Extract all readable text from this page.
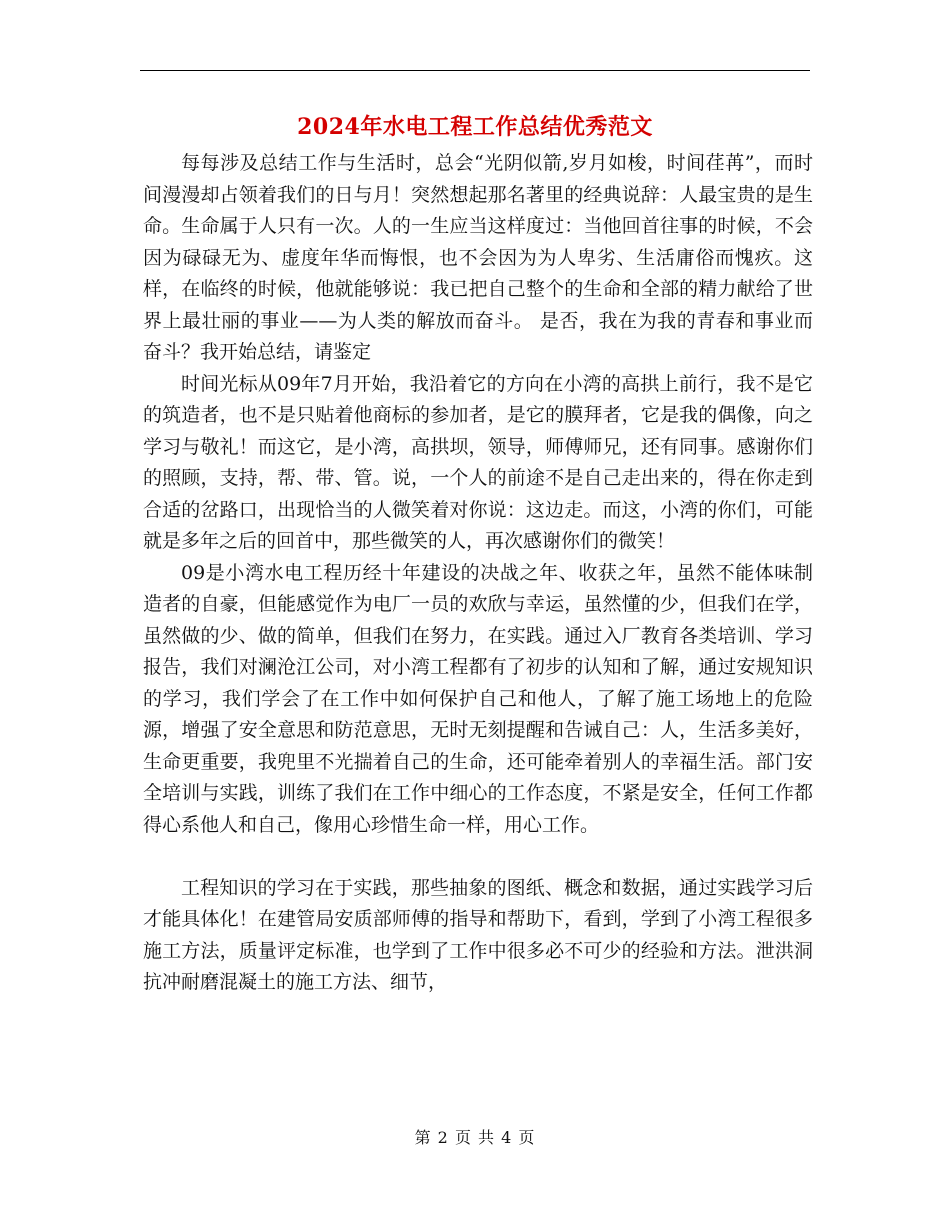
2024年水电工程工作总结优秀范文

每每涉及总结工作与生活时，总会“光阴似箭,岁月如梭，时间荏苒”，而时间漫漫却占领着我们的日与月！突然想起那名著里的经典说辞：人最宝贵的是生命。生命属于人只有一次。人的一生应当这样度过：当他回首往事的时候，不会因为碌碌无为、虚度年华而悔恨，也不会因为为人卑劣、生活庸俗而愧疚。这样，在临终的时候，他就能够说：我已把自己整个的生命和全部的精力献给了世界上最壮丽的事业——为人类的解放而奋斗。 是否，我在为我的青春和事业而奋斗？我开始总结，请鉴定

时间光标从09年7月开始，我沿着它的方向在小湾的高拱上前行，我不是它的筑造者，也不是只贴着他商标的参加者，是它的膜拜者，它是我的偶像，向之学习与敬礼！而这它，是小湾，高拱坝，领导，师傅师兄，还有同事。感谢你们的照顾，支持，帮、带、管。说，一个人的前途不是自己走出来的，得在你走到合适的岔路口，出现恰当的人微笑着对你说：这边走。而这，小湾的你们，可能就是多年之后的回首中，那些微笑的人，再次感谢你们的微笑！

09是小湾水电工程历经十年建设的决战之年、收获之年，虽然不能体味制造者的自豪，但能感觉作为电厂一员的欢欣与幸运，虽然懂的少，但我们在学，虽然做的少、做的简单，但我们在努力，在实践。通过入厂教育各类培训、学习报告，我们对澜沧江公司，对小湾工程都有了初步的认知和了解，通过安规知识的学习，我们学会了在工作中如何保护自己和他人，了解了施工场地上的危险源，增强了安全意思和防范意思，无时无刻提醒和告诫自己：人，生活多美好，生命更重要，我兜里不光揣着自己的生命，还可能牵着别人的幸福生活。部门安全培训与实践，训练了我们在工作中细心的工作态度，不紧是安全，任何工作都得心系他人和自己，像用心珍惜生命一样，用心工作。

工程知识的学习在于实践，那些抽象的图纸、概念和数据，通过实践学习后才能具体化！在建管局安质部师傅的指导和帮助下，看到，学到了小湾工程很多施工方法，质量评定标准，也学到了工作中很多必不可少的经验和方法。泄洪洞抗冲耐磨混凝土的施工方法、细节，

第 2 页 共 4 页
